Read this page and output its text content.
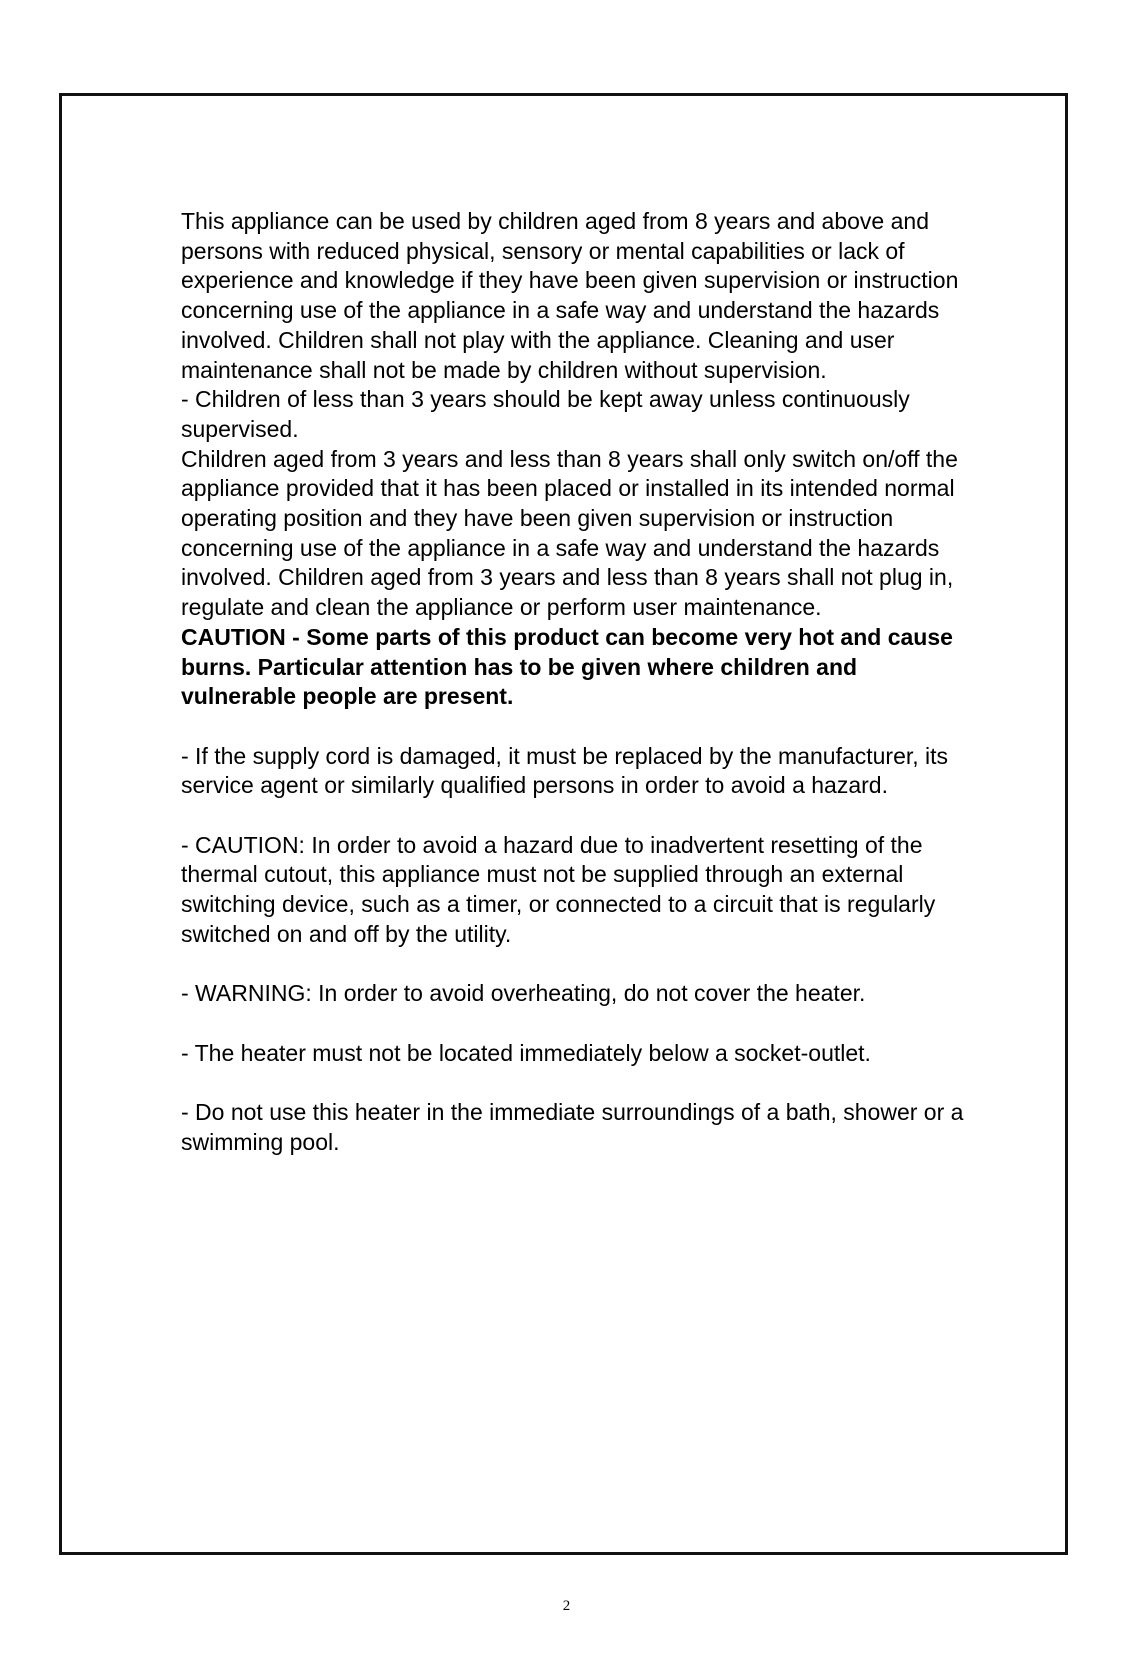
This appliance can be used by children aged from 8 years and above and persons with reduced physical, sensory or mental capabilities or lack of experience and knowledge if they have been given supervision or instruction concerning use of the appliance in a safe way and understand the hazards involved. Children shall not play with the appliance. Cleaning and user maintenance shall not be made by children without supervision.

- Children of less than 3 years should be kept away unless continuously supervised.

Children aged from 3 years and less than 8 years shall only switch on/off the appliance provided that it has been placed or installed in its intended normal operating position and they have been given supervision or instruction concerning use of the appliance in a safe way and understand the hazards involved. Children aged from 3 years and less than 8 years shall not plug in, regulate and clean the appliance or perform user maintenance.

CAUTION - Some parts of this product can become very hot and cause burns. Particular attention has to be given where children and vulnerable people are present.

- If the supply cord is damaged, it must be replaced by the manufacturer, its service agent or similarly qualified persons in order to avoid a hazard.

- CAUTION: In order to avoid a hazard due to inadvertent resetting of the thermal cutout, this appliance must not be supplied through an external switching device, such as a timer, or connected to a circuit that is regularly switched on and off by the utility.

- WARNING: In order to avoid overheating, do not cover the heater.

- The heater must not be located immediately below a socket-outlet.

- Do not use this heater in the immediate surroundings of a bath, shower or a swimming pool.

2
